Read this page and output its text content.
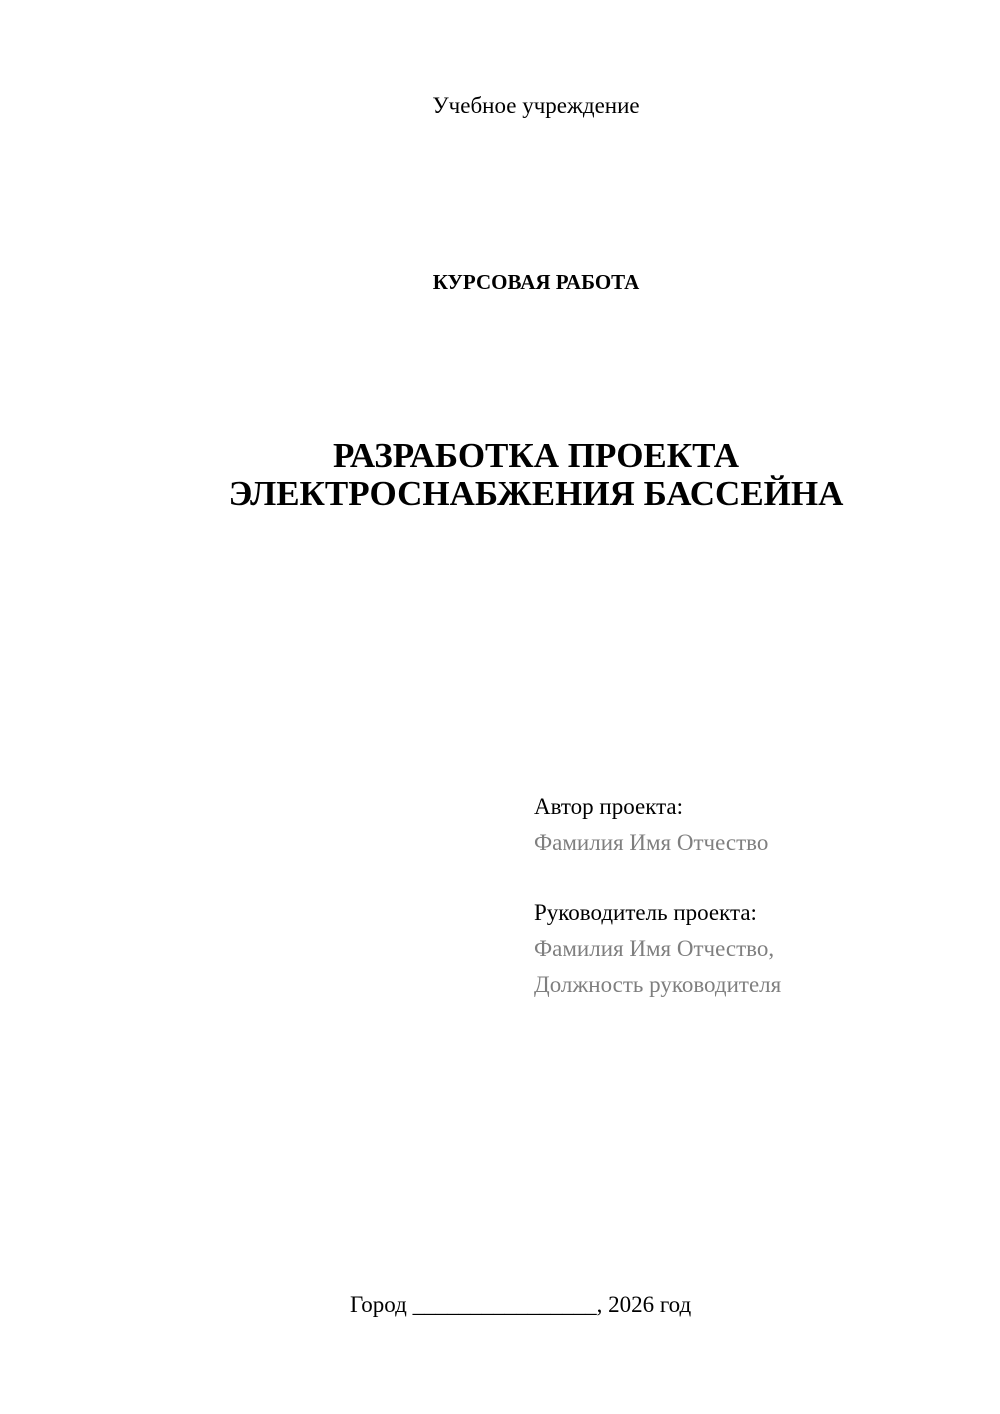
Учебное учреждение
КУРСОВАЯ РАБОТА
РАЗРАБОТКА ПРОЕКТА
ЭЛЕКТРОСНАБЖЕНИЯ БАССЕЙНА
Автор проекта:
Фамилия Имя Отчество
Руководитель проекта:
Фамилия Имя Отчество,
Должность руководителя
Город ________________, 2026 год
